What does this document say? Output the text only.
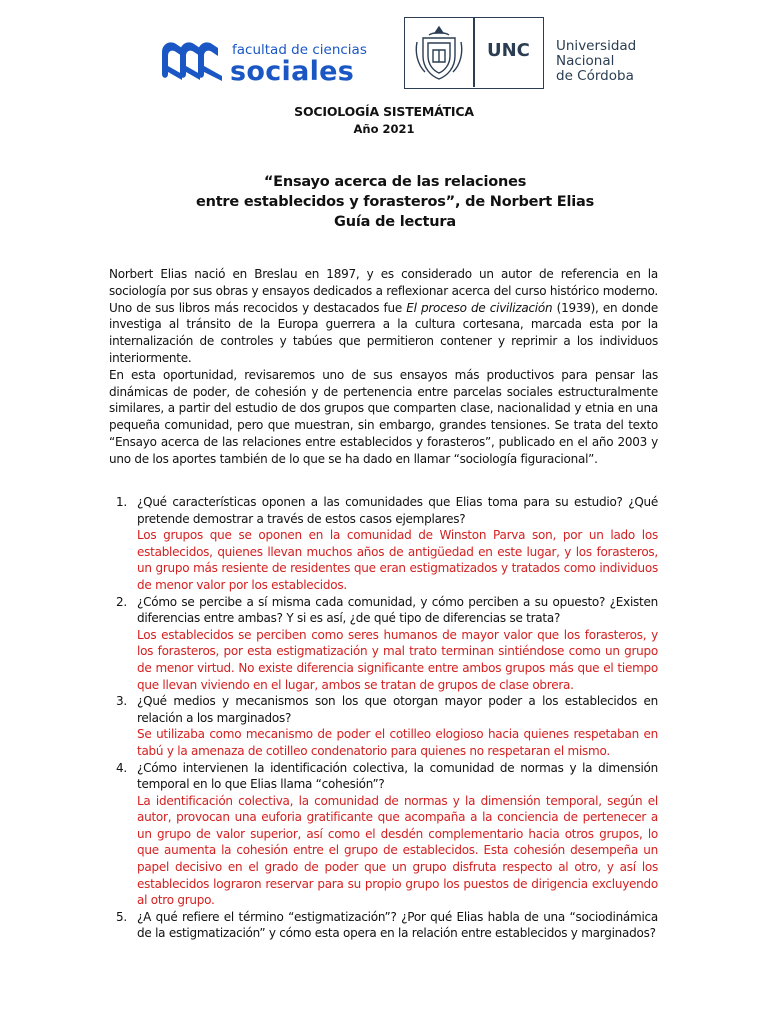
facultad de ciencias
sociales
UNC Universidad
Nacional
de Córdoba
SOCIOLOGÍA SISTEMÁTICA
Año 2021
“Ensayo acerca de las relaciones
entre establecidos y forasteros”, de Norbert Elias
Guía de lectura

Norbert Elias nació en Breslau en 1897, y es considerado un autor de referencia en la sociología por sus obras y ensayos dedicados a reflexionar acerca del curso histórico moderno. Uno de sus libros más recocidos y destacados fue El proceso de civilización (1939), en donde investiga al tránsito de la Europa guerrera a la cultura cortesana, marcada esta por la internalización de controles y tabúes que permitieron contener y reprimir a los individuos interiormente.

En esta oportunidad, revisaremos uno de sus ensayos más productivos para pensar las dinámicas de poder, de cohesión y de pertenencia entre parcelas sociales estructuralmente similares, a partir del estudio de dos grupos que comparten clase, nacionalidad y etnia en una pequeña comunidad, pero que muestran, sin embargo, grandes tensiones. Se trata del texto “Ensayo acerca de las relaciones entre establecidos y forasteros”, publicado en el año 2003 y uno de los aportes también de lo que se ha dado en llamar “sociología figuracional”.

1. ¿Qué características oponen a las comunidades que Elias toma para su estudio? ¿Qué pretende demostrar a través de estos casos ejemplares?
Los grupos que se oponen en la comunidad de Winston Parva son, por un lado los establecidos, quienes llevan muchos años de antigüedad en este lugar, y los forasteros, un grupo más resiente de residentes que eran estigmatizados y tratados como individuos de menor valor por los establecidos.
2. ¿Cómo se percibe a sí misma cada comunidad, y cómo perciben a su opuesto? ¿Existen diferencias entre ambas? Y si es así, ¿de qué tipo de diferencias se trata?
Los establecidos se perciben como seres humanos de mayor valor que los forasteros, y los forasteros, por esta estigmatización y mal trato terminan sintiéndose como un grupo de menor virtud. No existe diferencia significante entre ambos grupos más que el tiempo que llevan viviendo en el lugar, ambos se tratan de grupos de clase obrera.
3. ¿Qué medios y mecanismos son los que otorgan mayor poder a los establecidos en relación a los marginados?
Se utilizaba como mecanismo de poder el cotilleo elogioso hacia quienes respetaban en tabú y la amenaza de cotilleo condenatorio para quienes no respetaran el mismo.
4. ¿Cómo intervienen la identificación colectiva, la comunidad de normas y la dimensión temporal en lo que Elias llama “cohesión”?
La identificación colectiva, la comunidad de normas y la dimensión temporal, según el autor, provocan una euforia gratificante que acompaña a la conciencia de pertenecer a un grupo de valor superior, así como el desdén complementario hacia otros grupos, lo que aumenta la cohesión entre el grupo de establecidos. Esta cohesión desempeña un papel decisivo en el grado de poder que un grupo disfruta respecto al otro, y así los establecidos lograron reservar para su propio grupo los puestos de dirigencia excluyendo al otro grupo.
5. ¿A qué refiere el término “estigmatización”? ¿Por qué Elias habla de una “sociodinámica de la estigmatización” y cómo esta opera en la relación entre establecidos y marginados?
